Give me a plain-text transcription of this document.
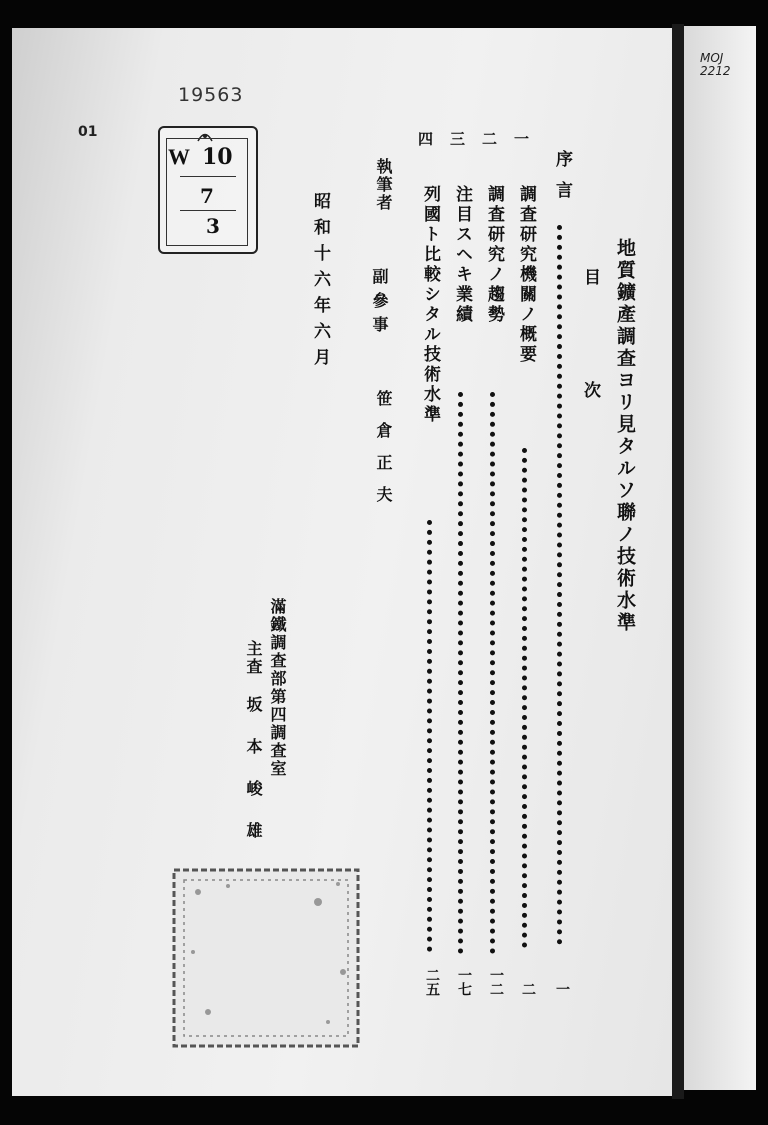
MOJ
2212
19563
01
W 10
7
3
地質鑛產調查ヨリ見タルソ聯ノ技術水準
目次
序言
一
一
調査研究機關ノ概要
二
二
調査研究ノ趨勢
一二
三
注目スヘキ業績
一七
四
列國ト比較シタル技術水準
二五
執筆者
副參事
笹倉正夫
昭和十六年六月
滿鐵調查部第四調查室
主査
坂本峻雄
